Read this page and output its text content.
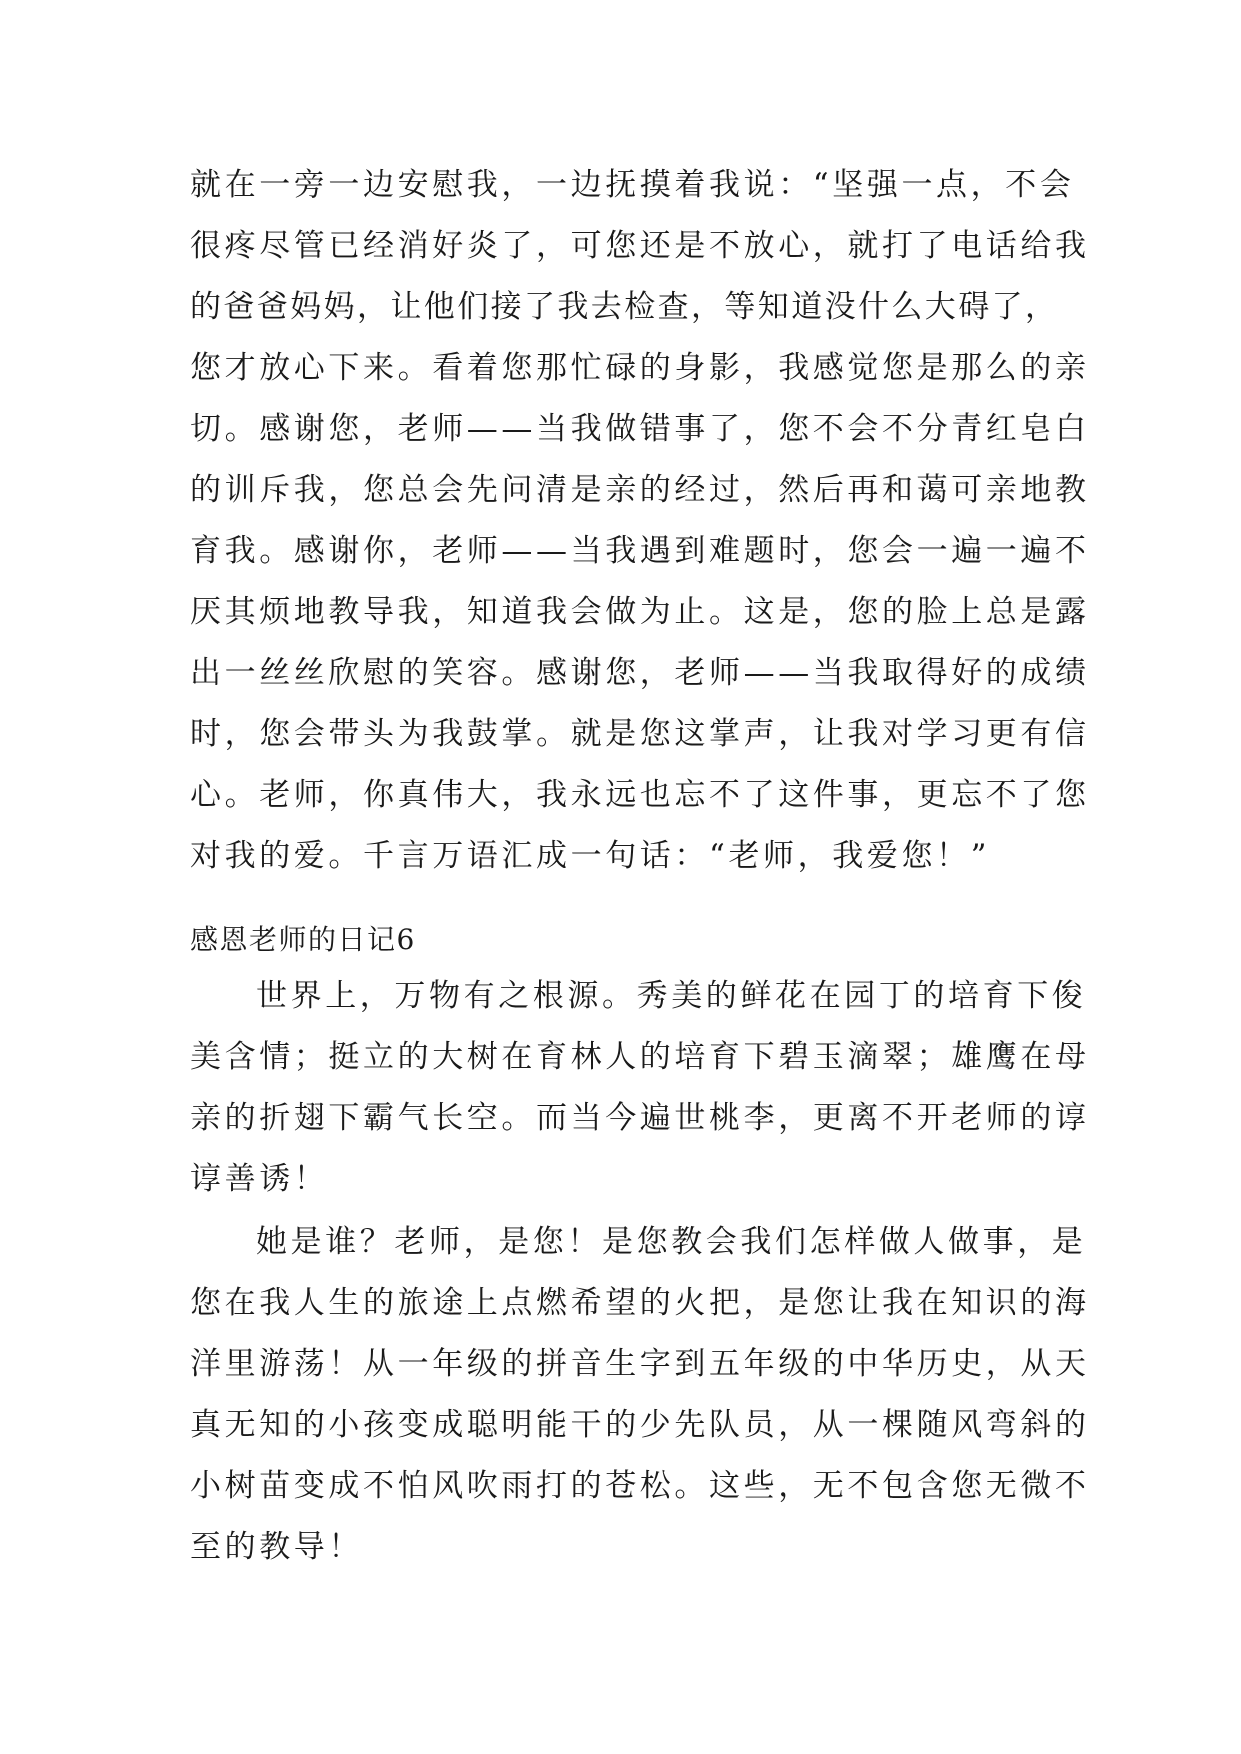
就在一旁一边安慰我，一边抚摸着我说：“坚强一点，不会
很疼尽管已经消好炎了，可您还是不放心，就打了电话给我
的爸爸妈妈，让他们接了我去检查，等知道没什么大碍了，
您才放心下来。看着您那忙碌的身影，我感觉您是那么的亲
切。感谢您，老师——当我做错事了，您不会不分青红皂白
的训斥我，您总会先问清是亲的经过，然后再和蔼可亲地教
育我。感谢你，老师——当我遇到难题时，您会一遍一遍不
厌其烦地教导我，知道我会做为止。这是，您的脸上总是露
出一丝丝欣慰的笑容。感谢您，老师——当我取得好的成绩
时，您会带头为我鼓掌。就是您这掌声，让我对学习更有信
心。老师，你真伟大，我永远也忘不了这件事，更忘不了您
对我的爱。千言万语汇成一句话：“老师，我爱您！”
感恩老师的日记6
世界上，万物有之根源。秀美的鲜花在园丁的培育下俊
美含情；挺立的大树在育林人的培育下碧玉滴翠；雄鹰在母
亲的折翅下霸气长空。而当今遍世桃李，更离不开老师的谆
谆善诱！
她是谁？老师，是您！是您教会我们怎样做人做事，是
您在我人生的旅途上点燃希望的火把，是您让我在知识的海
洋里游荡！从一年级的拼音生字到五年级的中华历史，从天
真无知的小孩变成聪明能干的少先队员，从一棵随风弯斜的
小树苗变成不怕风吹雨打的苍松。这些，无不包含您无微不
至的教导！
